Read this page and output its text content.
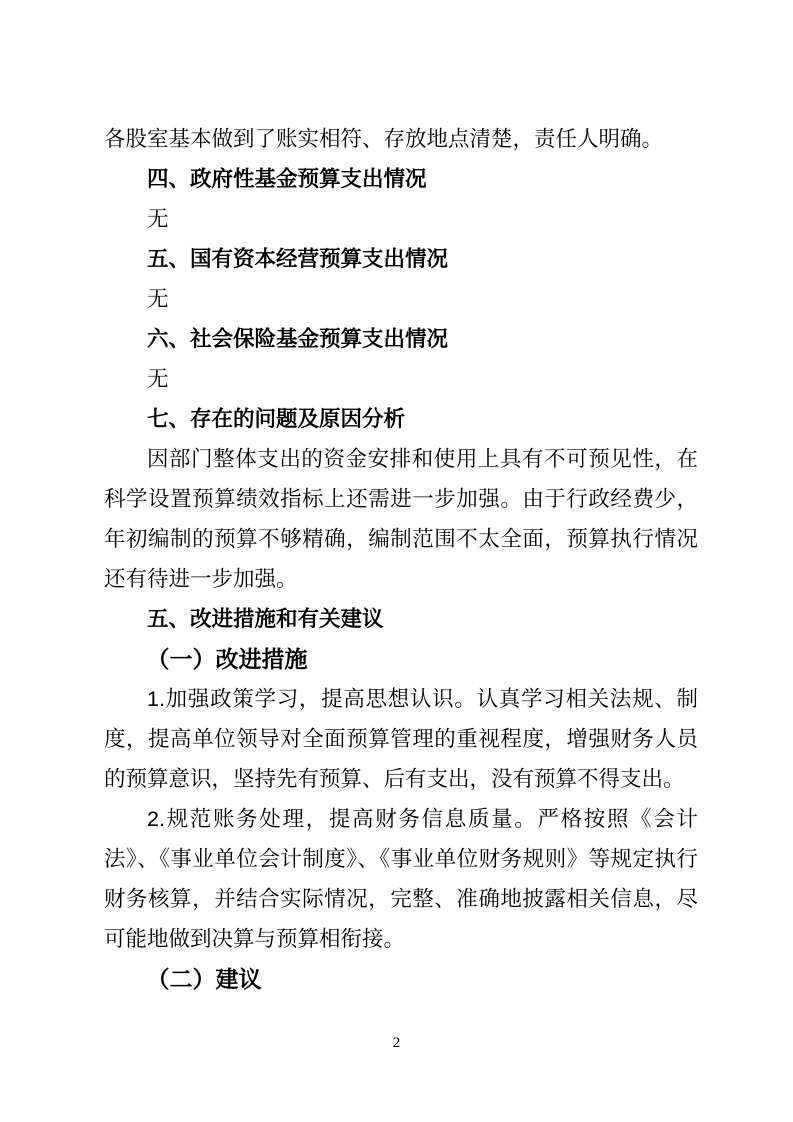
各股室基本做到了账实相符、存放地点清楚，责任人明确。

四、政府性基金预算支出情况

无

五、国有资本经营预算支出情况

无

六、社会保险基金预算支出情况

无

七、存在的问题及原因分析

因部门整体支出的资金安排和使用上具有不可预见性，在科学设置预算绩效指标上还需进一步加强。由于行政经费少，年初编制的预算不够精确，编制范围不太全面，预算执行情况还有待进一步加强。

五、改进措施和有关建议

（一）改进措施

1.加强政策学习，提高思想认识。认真学习相关法规、制度，提高单位领导对全面预算管理的重视程度，增强财务人员的预算意识，坚持先有预算、后有支出，没有预算不得支出。

2.规范账务处理，提高财务信息质量。严格按照《会计法》、《事业单位会计制度》、《事业单位财务规则》等规定执行财务核算，并结合实际情况，完整、准确地披露相关信息，尽可能地做到决算与预算相衔接。

（二）建议

2
